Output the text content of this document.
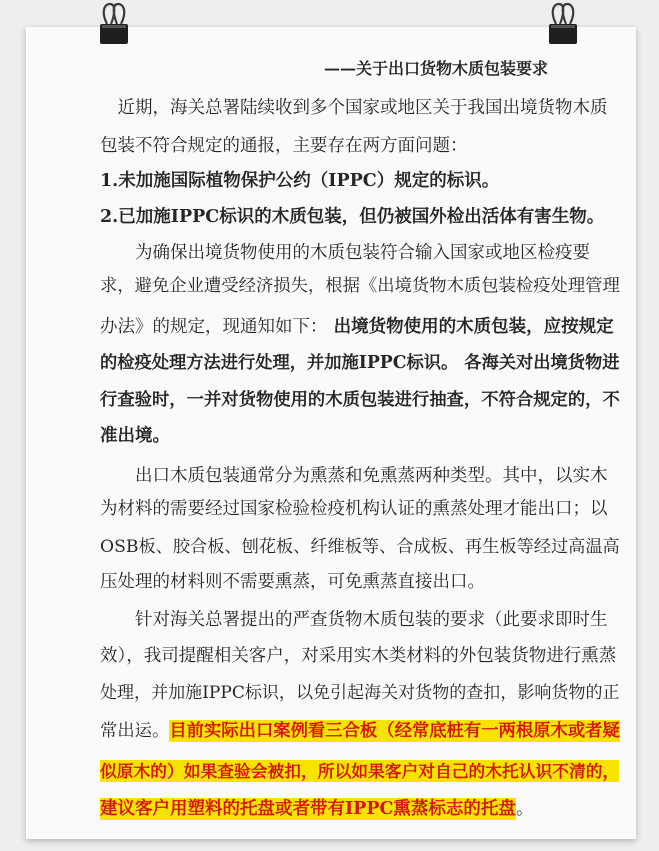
——关于出口货物木质包装要求
　近期，海关总署陆续收到多个国家或地区关于我国出境货物木质
包装不符合规定的通报，主要存在两方面问题：
1.未加施国际植物保护公约（IPPC）规定的标识。
2.已加施IPPC标识的木质包装，但仍被国外检出活体有害生物。
　　为确保出境货物使用的木质包装符合输入国家或地区检疫要
求，避免企业遭受经济损失，根据《出境货物木质包装检疫处理管理
办法》的规定，现通知如下： 出境货物使用的木质包装，应按规定
的检疫处理方法进行处理，并加施IPPC标识。 各海关对出境货物进
行查验时，一并对货物使用的木质包装进行抽查，不符合规定的，不
准出境。
　　出口木质包装通常分为熏蒸和免熏蒸两种类型。其中，以实木
为材料的需要经过国家检验检疫机构认证的熏蒸处理才能出口；以
OSB板、胶合板、刨花板、纤维板等、合成板、再生板等经过高温高
压处理的材料则不需要熏蒸，可免熏蒸直接出口。
　　针对海关总署提出的严查货物木质包装的要求（此要求即时生
效），我司提醒相关客户，对采用实木类材料的外包装货物进行熏蒸
处理，并加施IPPC标识，以免引起海关对货物的查扣，影响货物的正
常出运。目前实际出口案例看三合板（经常底桩有一两根原木或者疑
似原木的）如果查验会被扣，所以如果客户对自己的木托认识不清的，
建议客户用塑料的托盘或者带有IPPC熏蒸标志的托盘。
